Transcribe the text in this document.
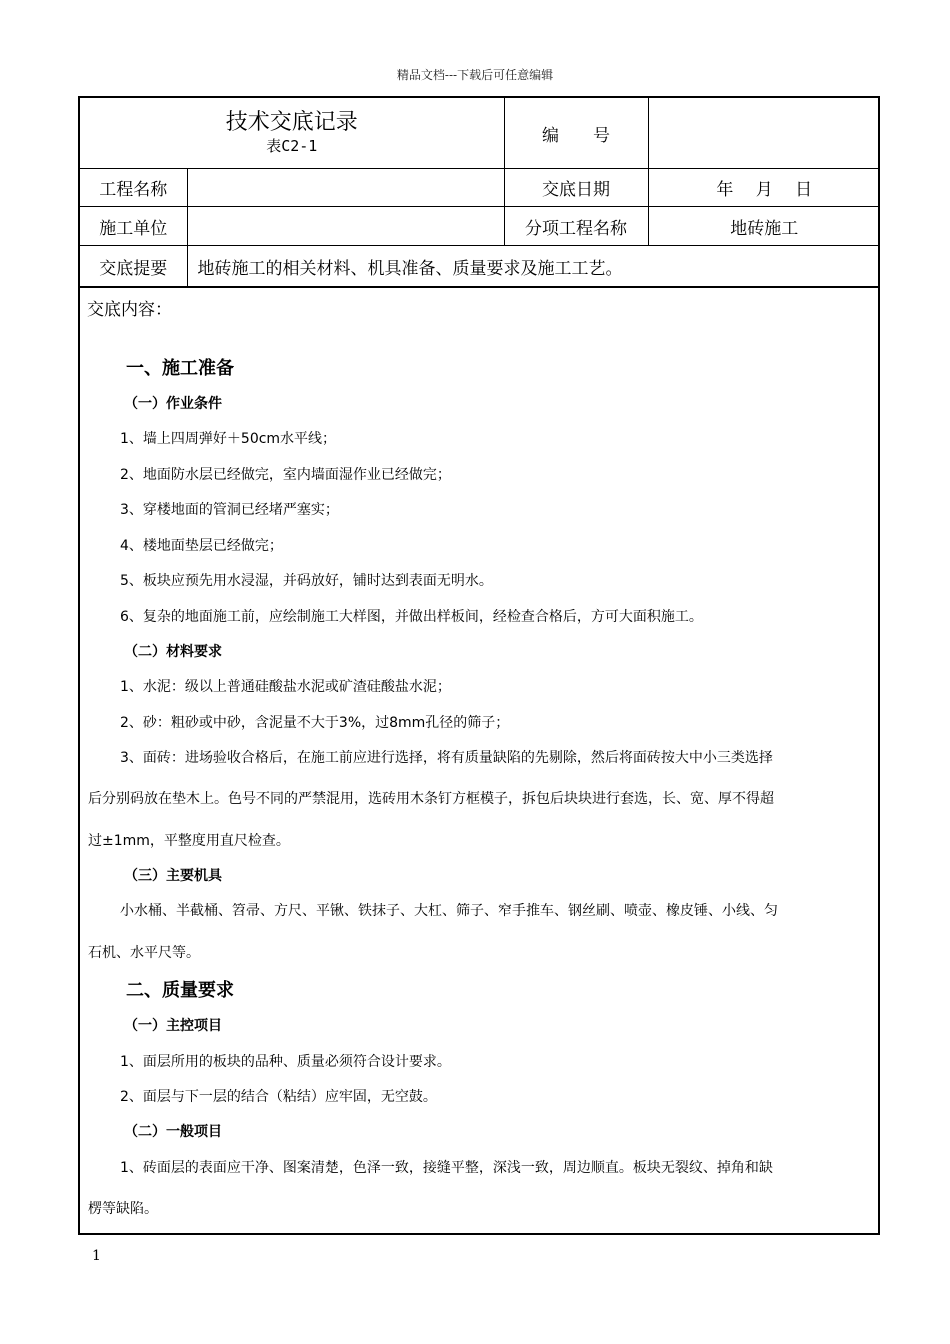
精品文档---下载后可任意编辑
技术交底记录
表C2-1		编　　号	
工程名称		交底日期	年　 月　 日
施工单位		分项工程名称	地砖施工
交底提要	地砖施工的相关材料、机具准备、质量要求及施工工艺。		
交底内容：
一、施工准备
（一）作业条件
1、墙上四周弹好＋50cm水平线；
2、地面防水层已经做完，室内墙面湿作业已经做完；
3、穿楼地面的管洞已经堵严塞实；
4、楼地面垫层已经做完；
5、板块应预先用水浸湿，并码放好，铺时达到表面无明水。
6、复杂的地面施工前，应绘制施工大样图，并做出样板间，经检查合格后，方可大面积施工。
（二）材料要求
1、水泥：级以上普通硅酸盐水泥或矿渣硅酸盐水泥；
2、砂：粗砂或中砂，含泥量不大于3%，过8mm孔径的筛子；
3、面砖：进场验收合格后，在施工前应进行选择，将有质量缺陷的先剔除，然后将面砖按大中小三类选择
后分别码放在垫木上。色号不同的严禁混用，选砖用木条钉方框模子，拆包后块块进行套选，长、宽、厚不得超
过±1mm，平整度用直尺检查。
（三）主要机具
小水桶、半截桶、笤帚、方尺、平锹、铁抹子、大杠、筛子、窄手推车、钢丝刷、喷壶、橡皮锤、小线、匀
石机、水平尺等。
二、质量要求
（一）主控项目
1、面层所用的板块的品种、质量必须符合设计要求。
2、面层与下一层的结合（粘结）应牢固，无空鼓。
（二）一般项目
1、砖面层的表面应干净、图案清楚，色泽一致，接缝平整，深浅一致，周边顺直。板块无裂纹、掉角和缺
楞等缺陷。
1
